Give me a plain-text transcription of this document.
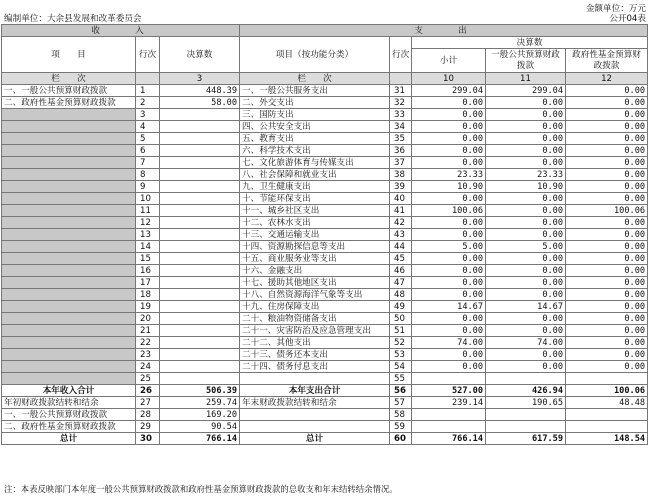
金额单位：万元
公开04表
编制单位：大余县发展和改革委员会
收　　入			支　　出				
项　　目	行次	决算数	项目（按功能分类）	行次	决算数		
					小计	一般公共预算财政拨款	政府性基金预算财政拨款
栏　　次		3	栏　　次		10	11	12
一、一般公共预算财政拨款	1	448.39	一、一般公共服务支出	31	299.04	299.04	0.00
二、政府性基金预算财政拨款	2	58.00	二、外交支出	32	0.00	0.00	0.00
	3		三、国防支出	33	0.00	0.00	0.00
	4		四、公共安全支出	34	0.00	0.00	0.00
	5		五、教育支出	35	0.00	0.00	0.00
	6		六、科学技术支出	36	0.00	0.00	0.00
	7		七、文化旅游体育与传媒支出	37	0.00	0.00	0.00
	8		八、社会保障和就业支出	38	23.33	23.33	0.00
	9		九、卫生健康支出	39	10.90	10.90	0.00
	10		十、节能环保支出	40	0.00	0.00	0.00
	11		十一、城乡社区支出	41	100.06	0.00	100.06
	12		十二、农林水支出	42	0.00	0.00	0.00
	13		十三、交通运输支出	43	0.00	0.00	0.00
	14		十四、资源勘探信息等支出	44	5.00	5.00	0.00
	15		十五、商业服务业等支出	45	0.00	0.00	0.00
	16		十六、金融支出	46	0.00	0.00	0.00
	17		十七、援助其他地区支出	47	0.00	0.00	0.00
	18		十八、自然资源海洋气象等支出	48	0.00	0.00	0.00
	19		十九、住房保障支出	49	14.67	14.67	0.00
	20		二十、粮油物资储备支出	50	0.00	0.00	0.00
	21		二十一、灾害防治及应急管理支出	51	0.00	0.00	0.00
	22		二十二、其他支出	52	74.00	74.00	0.00
	23		二十三、债务还本支出	53	0.00	0.00	0.00
	24		二十四、债务付息支出	54	0.00	0.00	0.00
	25			55			
本年收入合计	26	506.39	本年支出合计	56	527.00	426.94	100.06
年初财政拨款结转和结余	27	259.74	年末财政拨款结转和结余	57	239.14	190.65	48.48
一、一般公共预算财政拨款	28	169.20		58			
二、政府性基金预算财政拨款	29	90.54		59			
总计	30	766.14	总计	60	766.14	617.59	148.54
注：本表反映部门本年度一般公共预算财政拨款和政府性基金预算财政拨款的总收支和年末结转结余情况。
